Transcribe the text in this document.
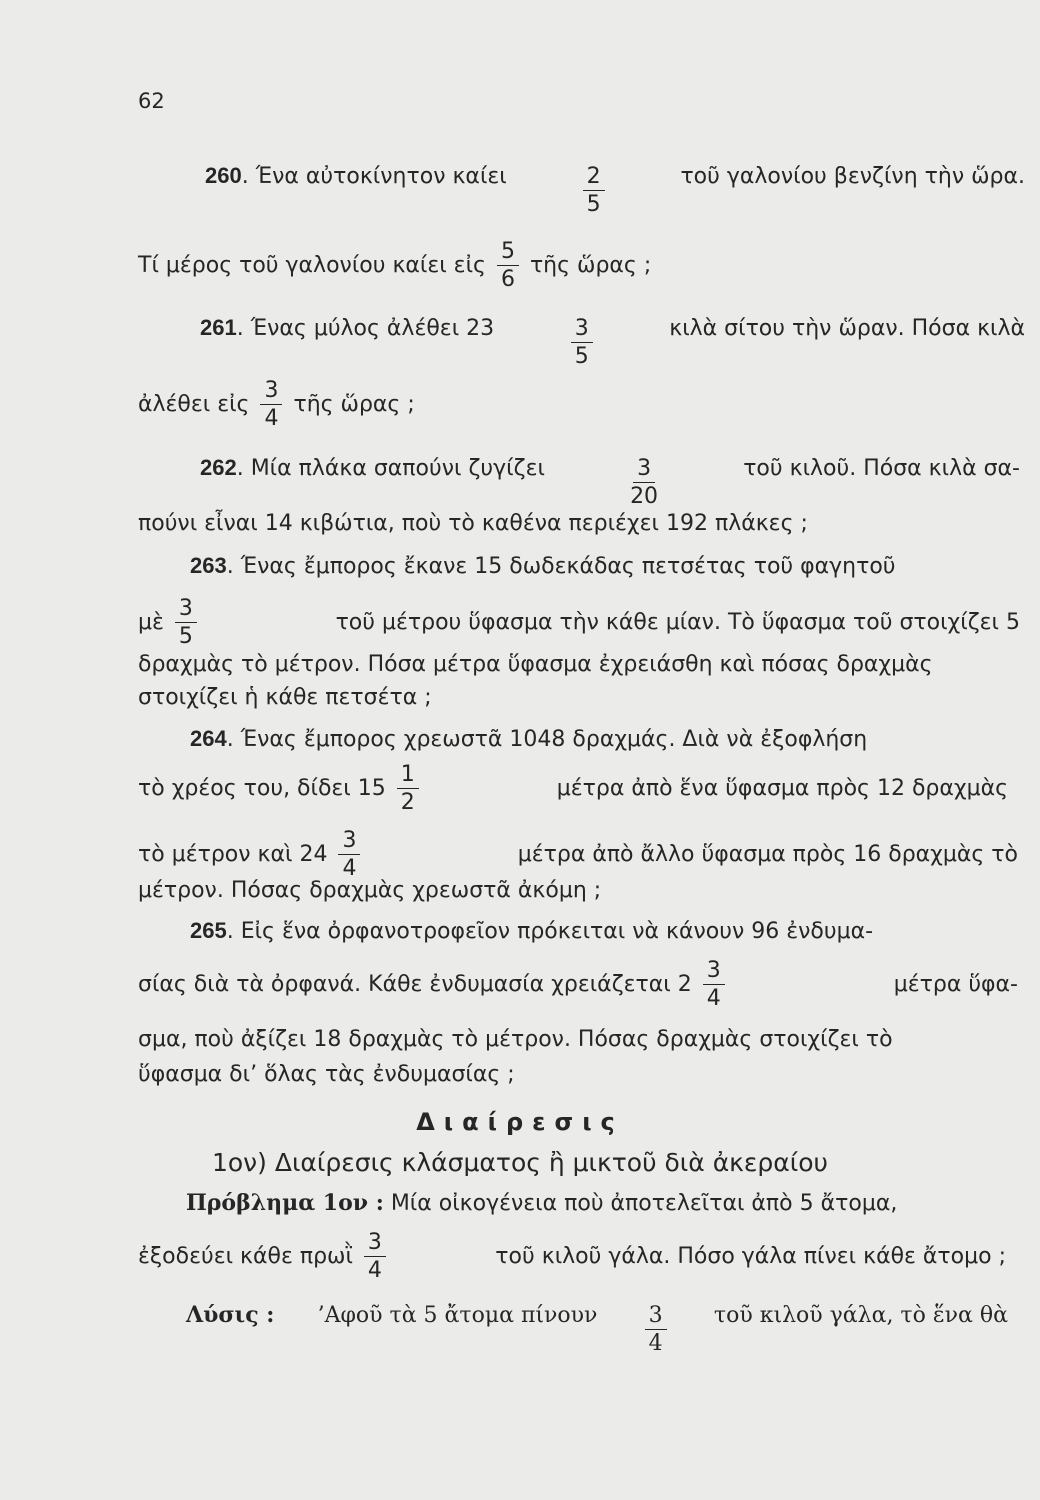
62
260. Ένα αὐτοκίνητον καίει	$\frac{2}{5}$	τοῦ γαλονίου βενζίνη τὴν ὥρα.
Τί μέρος τοῦ γαλονίου καίει εἰς $\frac{5}{6}$ τῆς ὥρας ;
261. Ένας μύλος ἀλέθει 23	$\frac{3}{5}$	κιλὰ σίτου τὴν ὥραν. Πόσα κιλὰ
ἀλέθει εἰς $\frac{3}{4}$ τῆς ὥρας ;
262. Μία πλάκα σαπούνι ζυγίζει	$\frac{3}{20}$	τοῦ κιλοῦ. Πόσα κιλὰ σα-
πούνι εἶναι 14 κιβώτια, ποὺ τὸ καθένα περιέχει 192 πλάκες ;
263. Ένας ἔμπορος ἔκανε 15 δωδεκάδας πετσέτας τοῦ φαγητοῦ
μὲ $\frac{3}{5}$	τοῦ μέτρου ὕφασμα τὴν κάθε μίαν. Τὸ ὕφασμα τοῦ στοιχίζει 5
δραχμὰς τὸ μέτρον. Πόσα μέτρα ὕφασμα ἐχρειάσθη καὶ πόσας δραχμὰς
στοιχίζει ἡ κάθε πετσέτα ;
264. Ένας ἔμπορος χρεωστᾶ 1048 δραχμάς. Διὰ νὰ ἐξοφλήση
τὸ χρέος του, δίδει $15 \frac{1}{2}$	μέτρα ἀπὸ ἕνα ὕφασμα πρὸς 12 δραχμὰς
τὸ μέτρον καὶ $24 \frac{3}{4}$	μέτρα ἀπὸ ἄλλο ὕφασμα πρὸς 16 δραχμὰς τὸ
μέτρον. Πόσας δραχμὰς χρεωστᾶ ἀκόμη ;
265. Εἰς ἕνα ὀρφανοτροφεῖον πρόκειται νὰ κάνουν 96 ἐνδυμα-
σίας διὰ τὰ ὀρφανά. Κάθε ἐνδυμασία χρειάζεται $2 \frac{3}{4}$	μέτρα ὕφα-
σμα, ποὺ ἀξίζει 18 δραχμὰς τὸ μέτρον. Πόσας δραχμὰς στοιχίζει τὸ
ὕφασμα δι’ ὅλας τὰς ἐνδυμασίας ;
Διαίρεσις
1ον) Διαίρεσις κλάσματος ἢ μικτοῦ διὰ ἀκεραίου
Πρόβλημα 1ον : Μία οἰκογένεια ποὺ ἀποτελεῖται ἀπὸ 5 ἄτομα,
ἐξοδεύει κάθε πρωῒ $\frac{3}{4}$	τοῦ κιλοῦ γάλα. Πόσο γάλα πίνει κάθε ἄτομο ;
Λύσις : ’Αφοῦ τὰ 5 ἄτομα πίνουν $\frac{3}{4}$ τοῦ κιλοῦ γάλα, τὸ ἕνα θὰ
